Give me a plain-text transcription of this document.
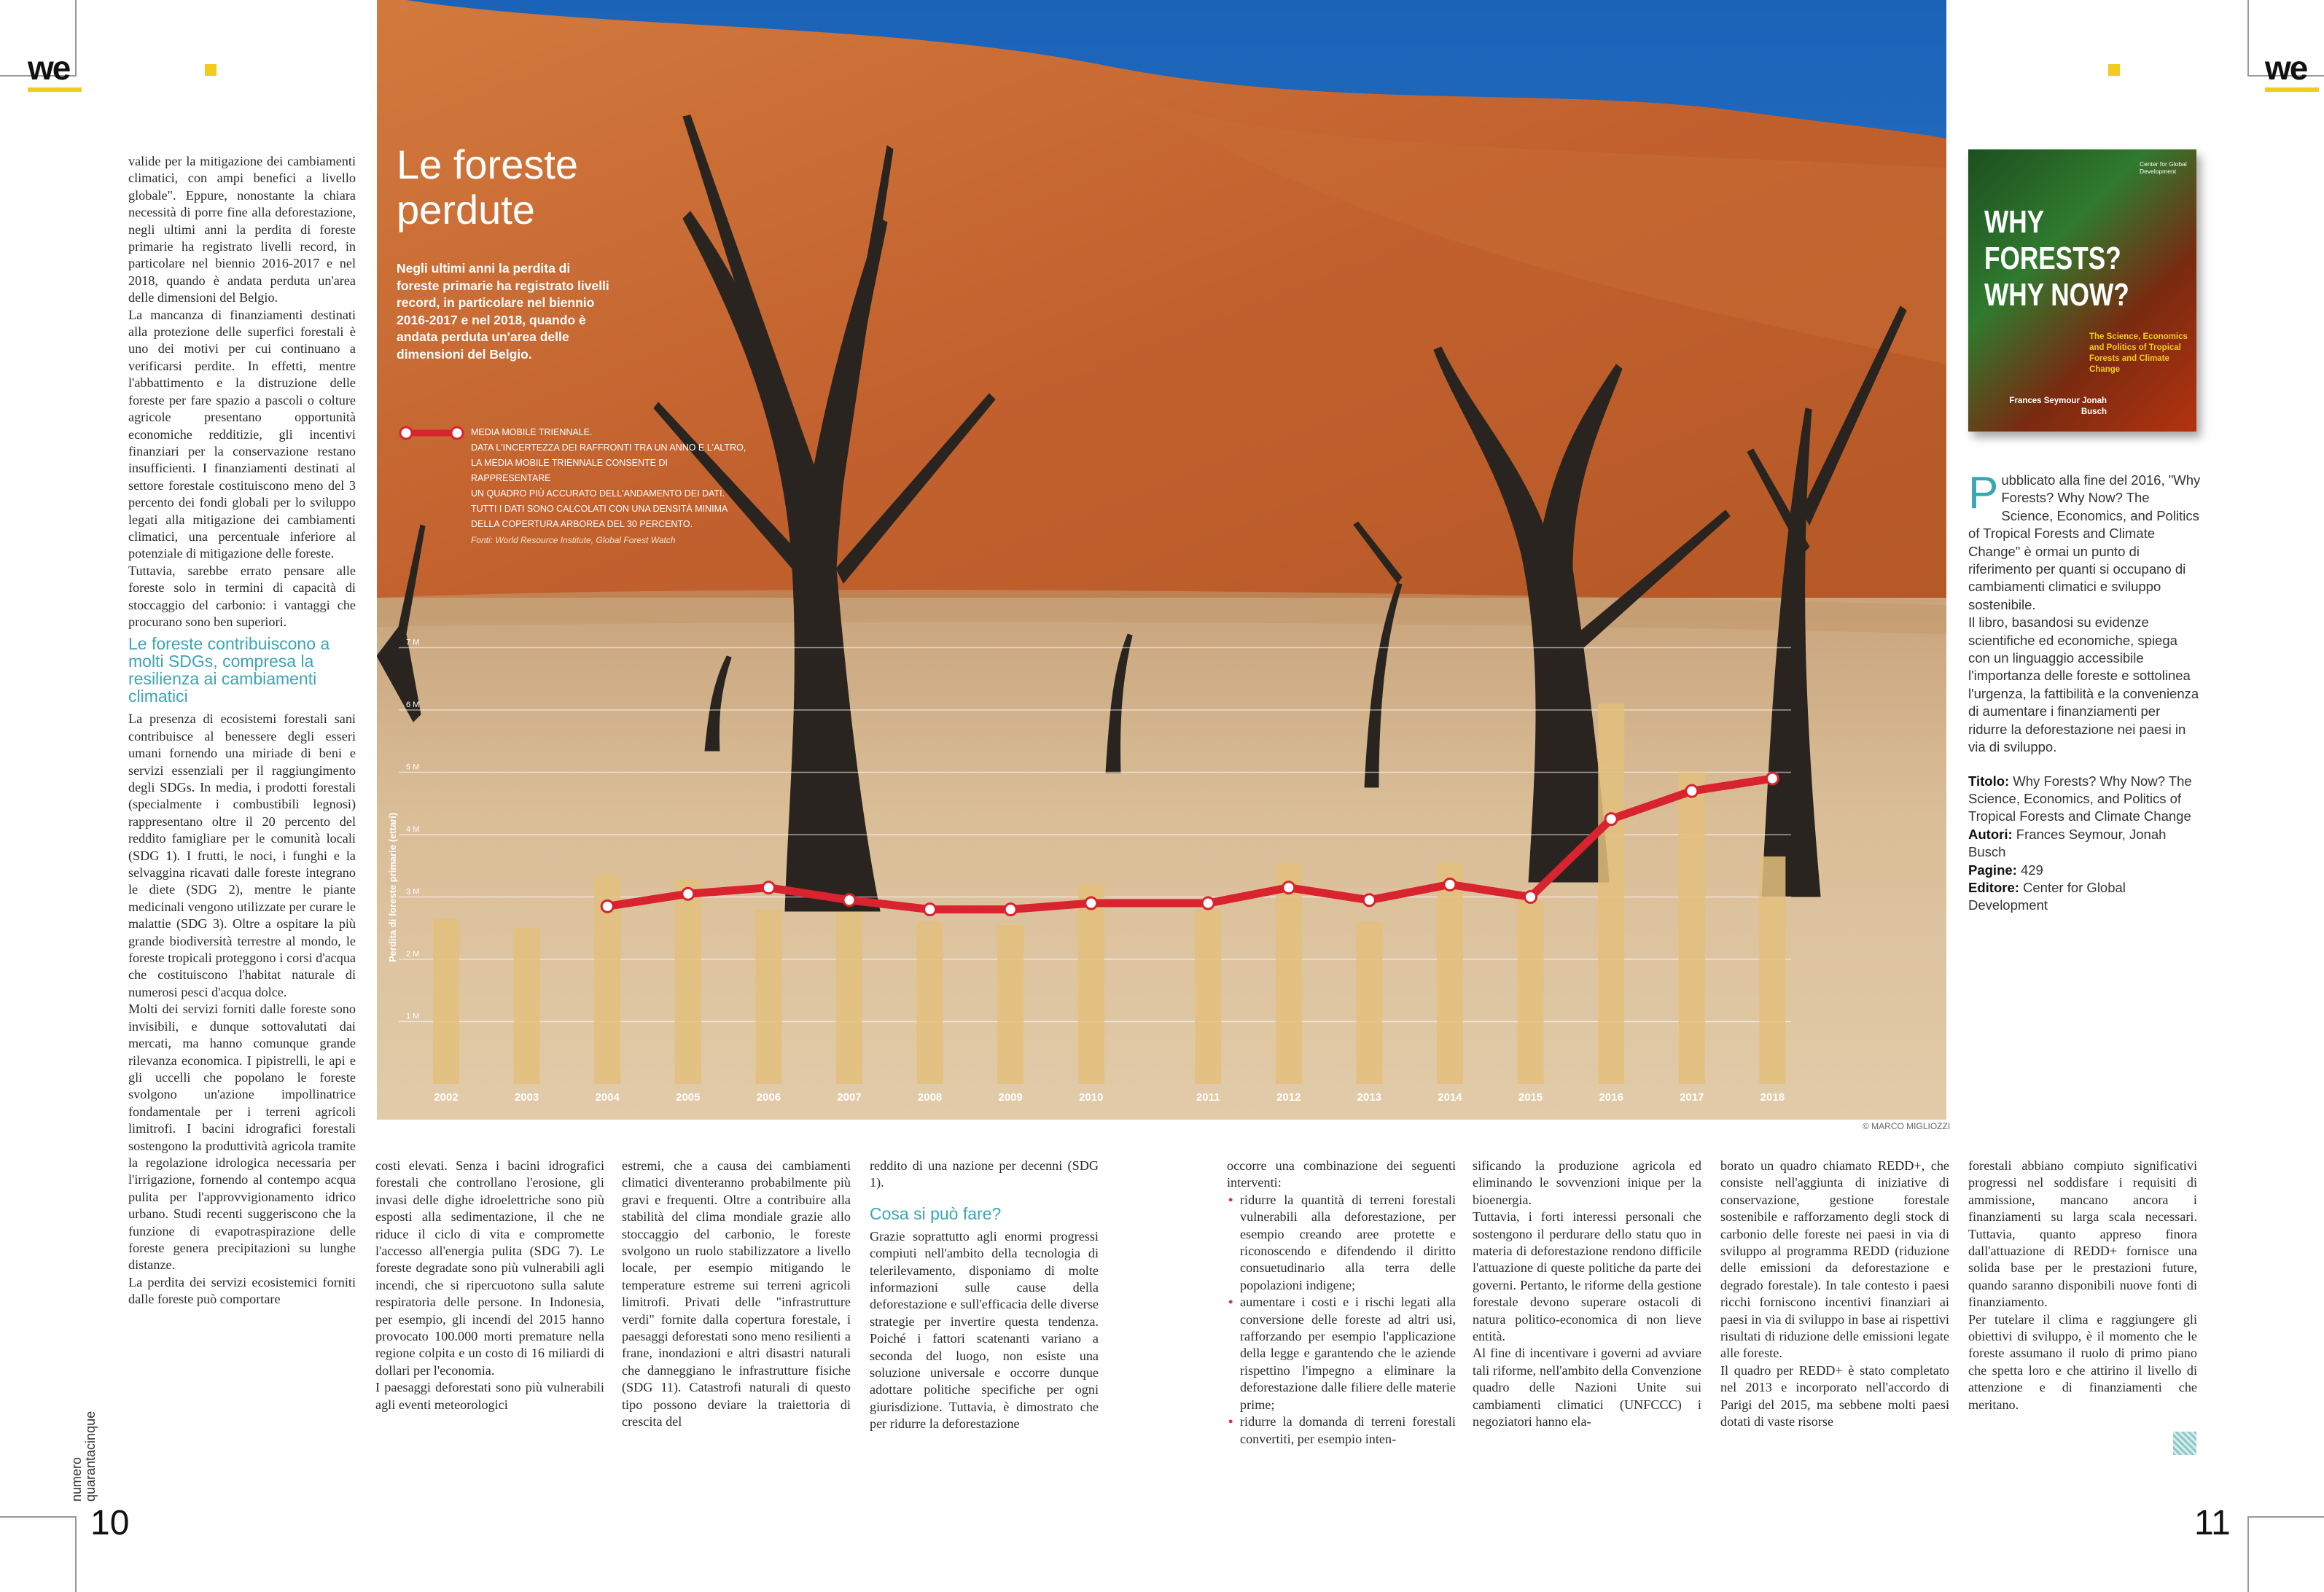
we	we

valide per la mitigazione dei cambiamenti climatici, con ampi benefici a livello globale". Eppure, nonostante la chiara necessità di porre fine alla deforestazione, negli ultimi anni la perdita di foreste primarie ha registrato livelli record, in particolare nel biennio 2016-2017 e nel 2018, quando è andata perduta un'area delle dimensioni del Belgio.

La mancanza di finanziamenti destinati alla protezione delle superfici forestali è uno dei motivi per cui continuano a verificarsi perdite. In effetti, mentre l'abbattimento e la distruzione delle foreste per fare spazio a pascoli o colture agricole presentano opportunità economiche redditizie, gli incentivi finanziari per la conservazione restano insufficienti. I finanziamenti destinati al settore forestale costituiscono meno del 3 percento dei fondi globali per lo sviluppo legati alla mitigazione dei cambiamenti climatici, una percentuale inferiore al potenziale di mitigazione delle foreste.

Tuttavia, sarebbe errato pensare alle foreste solo in termini di capacità di stoccaggio del carbonio: i vantaggi che procurano sono ben superiori.

Le foreste contribuiscono a molti SDGs, compresa la resilienza ai cambiamenti climatici

La presenza di ecosistemi forestali sani contribuisce al benessere degli esseri umani fornendo una miriade di beni e servizi essenziali per il raggiungimento degli SDGs. In media, i prodotti forestali (specialmente i combustibili legnosi) rappresentano oltre il 20 percento del reddito famigliare per le comunità locali (SDG 1). I frutti, le noci, i funghi e la selvaggina ricavati dalle foreste integrano le diete (SDG 2), mentre le piante medicinali vengono utilizzate per curare le malattie (SDG 3). Oltre a ospitare la più grande biodiversità terrestre al mondo, le foreste tropicali proteggono i corsi d'acqua che costituiscono l'habitat naturale di numerosi pesci d'acqua dolce.

Molti dei servizi forniti dalle foreste sono invisibili, e dunque sottovalutati dai mercati, ma hanno comunque grande rilevanza economica. I pipistrelli, le api e gli uccelli che popolano le foreste svolgono un'azione impollinatrice fondamentale per i terreni agricoli limitrofi. I bacini idrografici forestali sostengono la produttività agricola tramite la regolazione idrologica necessaria per l'irrigazione, fornendo al contempo acqua pulita per l'approvvigionamento idrico urbano. Studi recenti suggeriscono che la funzione di evapotraspirazione delle foreste genera precipitazioni su lunghe distanze.

La perdita dei servizi ecosistemici forniti dalle foreste può comportare

2002	2003	2004	2005	2006	2007	2008	2009	2010	2011	2012	2013	2014	2015	2016	2017	2018
1 M
2 M
3 M
4 M
5 M
6 M
7 M
Perdita di foreste primarie (ettari)
Le foreste perdute
Negli ultimi anni la perdita di foreste primarie ha registrato livelli record, in particolare nel biennio 2016-2017 e nel 2018, quando è andata perduta un'area delle dimensioni del Belgio.
MEDIA MOBILE TRIENNALE.
DATA L'INCERTEZZA DEI RAFFRONTI TRA UN ANNO E L'ALTRO,
LA MEDIA MOBILE TRIENNALE CONSENTE DI RAPPRESENTARE
UN QUADRO PIÙ ACCURATO DELL'ANDAMENTO DEI DATI.
TUTTI I DATI SONO CALCOLATI CON UNA DENSITÀ MINIMA
DELLA COPERTURA ARBOREA DEL 30 PERCENTO.
Fonti: World Resource Institute, Global Forest Watch
© MARCO MIGLIOZZI

costi elevati. Senza i bacini idrografici forestali che controllano l'erosione, gli invasi delle dighe idroelettriche sono più esposti alla sedimentazione, il che ne riduce il ciclo di vita e compromette l'accesso all'energia pulita (SDG 7). Le foreste degradate sono più vulnerabili agli incendi, che si ripercuotono sulla salute respiratoria delle persone. In Indonesia, per esempio, gli incendi del 2015 hanno provocato 100.000 morti premature nella regione colpita e un costo di 16 miliardi di dollari per l'economia.

I paesaggi deforestati sono più vulnerabili agli eventi meteorologici

estremi, che a causa dei cambiamenti climatici diventeranno probabilmente più gravi e frequenti. Oltre a contribuire alla stabilità del clima mondiale grazie allo stoccaggio del carbonio, le foreste svolgono un ruolo stabilizzatore a livello locale, per esempio mitigando le temperature estreme sui terreni agricoli limitrofi. Privati delle "infrastrutture verdi" fornite dalla copertura forestale, i paesaggi deforestati sono meno resilienti a frane, inondazioni e altri disastri naturali che danneggiano le infrastrutture fisiche (SDG 11). Catastrofi naturali di questo tipo possono deviare la traiettoria di crescita del

reddito di una nazione per decenni (SDG 1).

Cosa si può fare?

Grazie soprattutto agli enormi progressi compiuti nell'ambito della tecnologia di telerilevamento, disponiamo di molte informazioni sulle cause della deforestazione e sull'efficacia delle diverse strategie per invertire questa tendenza. Poiché i fattori scatenanti variano a seconda del luogo, non esiste una soluzione universale e occorre dunque adottare politiche specifiche per ogni giurisdizione. Tuttavia, è dimostrato che per ridurre la deforestazione

occorre una combinazione dei seguenti interventi:

• ridurre la quantità di terreni forestali vulnerabili alla deforestazione, per esempio creando aree protette e riconoscendo e difendendo il diritto consuetudinario alla terra delle popolazioni indigene;
• aumentare i costi e i rischi legati alla conversione delle foreste ad altri usi, rafforzando per esempio l'applicazione della legge e garantendo che le aziende rispettino l'impegno a eliminare la deforestazione dalle filiere delle materie prime;
• ridurre la domanda di terreni forestali convertiti, per esempio inten-

sificando la produzione agricola ed eliminando le sovvenzioni inique per la bioenergia.

Tuttavia, i forti interessi personali che sostengono il perdurare dello statu quo in materia di deforestazione rendono difficile l'attuazione di queste politiche da parte dei governi. Pertanto, le riforme della gestione forestale devono superare ostacoli di natura politico-economica di non lieve entità.

Al fine di incentivare i governi ad avviare tali riforme, nell'ambito della Convenzione quadro delle Nazioni Unite sui cambiamenti climatici (UNFCCC) i negoziatori hanno ela-

borato un quadro chiamato REDD+, che consiste nell'aggiunta di iniziative di conservazione, gestione forestale sostenibile e rafforzamento degli stock di carbonio delle foreste nei paesi in via di sviluppo al programma REDD (riduzione delle emissioni da deforestazione e degrado forestale). In tale contesto i paesi ricchi forniscono incentivi finanziari ai paesi in via di sviluppo in base ai rispettivi risultati di riduzione delle emissioni legate alle foreste.

Il quadro per REDD+ è stato completato nel 2013 e incorporato nell'accordo di Parigi del 2015, ma sebbene molti paesi dotati di vaste risorse

forestali abbiano compiuto significativi progressi nel soddisfare i requisiti di ammissione, mancano ancora i finanziamenti su larga scala necessari. Tuttavia, quanto appreso finora dall'attuazione di REDD+ fornisce una solida base per le prestazioni future, quando saranno disponibili nuove fonti di finanziamento.

Per tutelare il clima e raggiungere gli obiettivi di sviluppo, è il momento che le foreste assumano il ruolo di primo piano che spetta loro e che attirino il livello di attenzione e di finanziamenti che meritano.

Center for Global Development
WHY
FORESTS?
WHY NOW?
The Science, Economics and Politics of Tropical Forests and Climate Change
Frances Seymour Jonah Busch

Pubblicato alla fine del 2016, "Why Forests? Why Now? The Science, Economics, and Politics of Tropical Forests and Climate Change" è ormai un punto di riferimento per quanti si occupano di cambiamenti climatici e sviluppo sostenibile.

Il libro, basandosi su evidenze scientifiche ed economiche, spiega con un linguaggio accessibile l'importanza delle foreste e sottolinea l'urgenza, la fattibilità e la convenienza di aumentare i finanziamenti per ridurre la deforestazione nei paesi in via di sviluppo.

Titolo: Why Forests? Why Now? The Science, Economics, and Politics of Tropical Forests and Climate Change

Autori: Frances Seymour, Jonah Busch

Pagine: 429

Editore: Center for Global Development

numero quarantacinque
10	11
